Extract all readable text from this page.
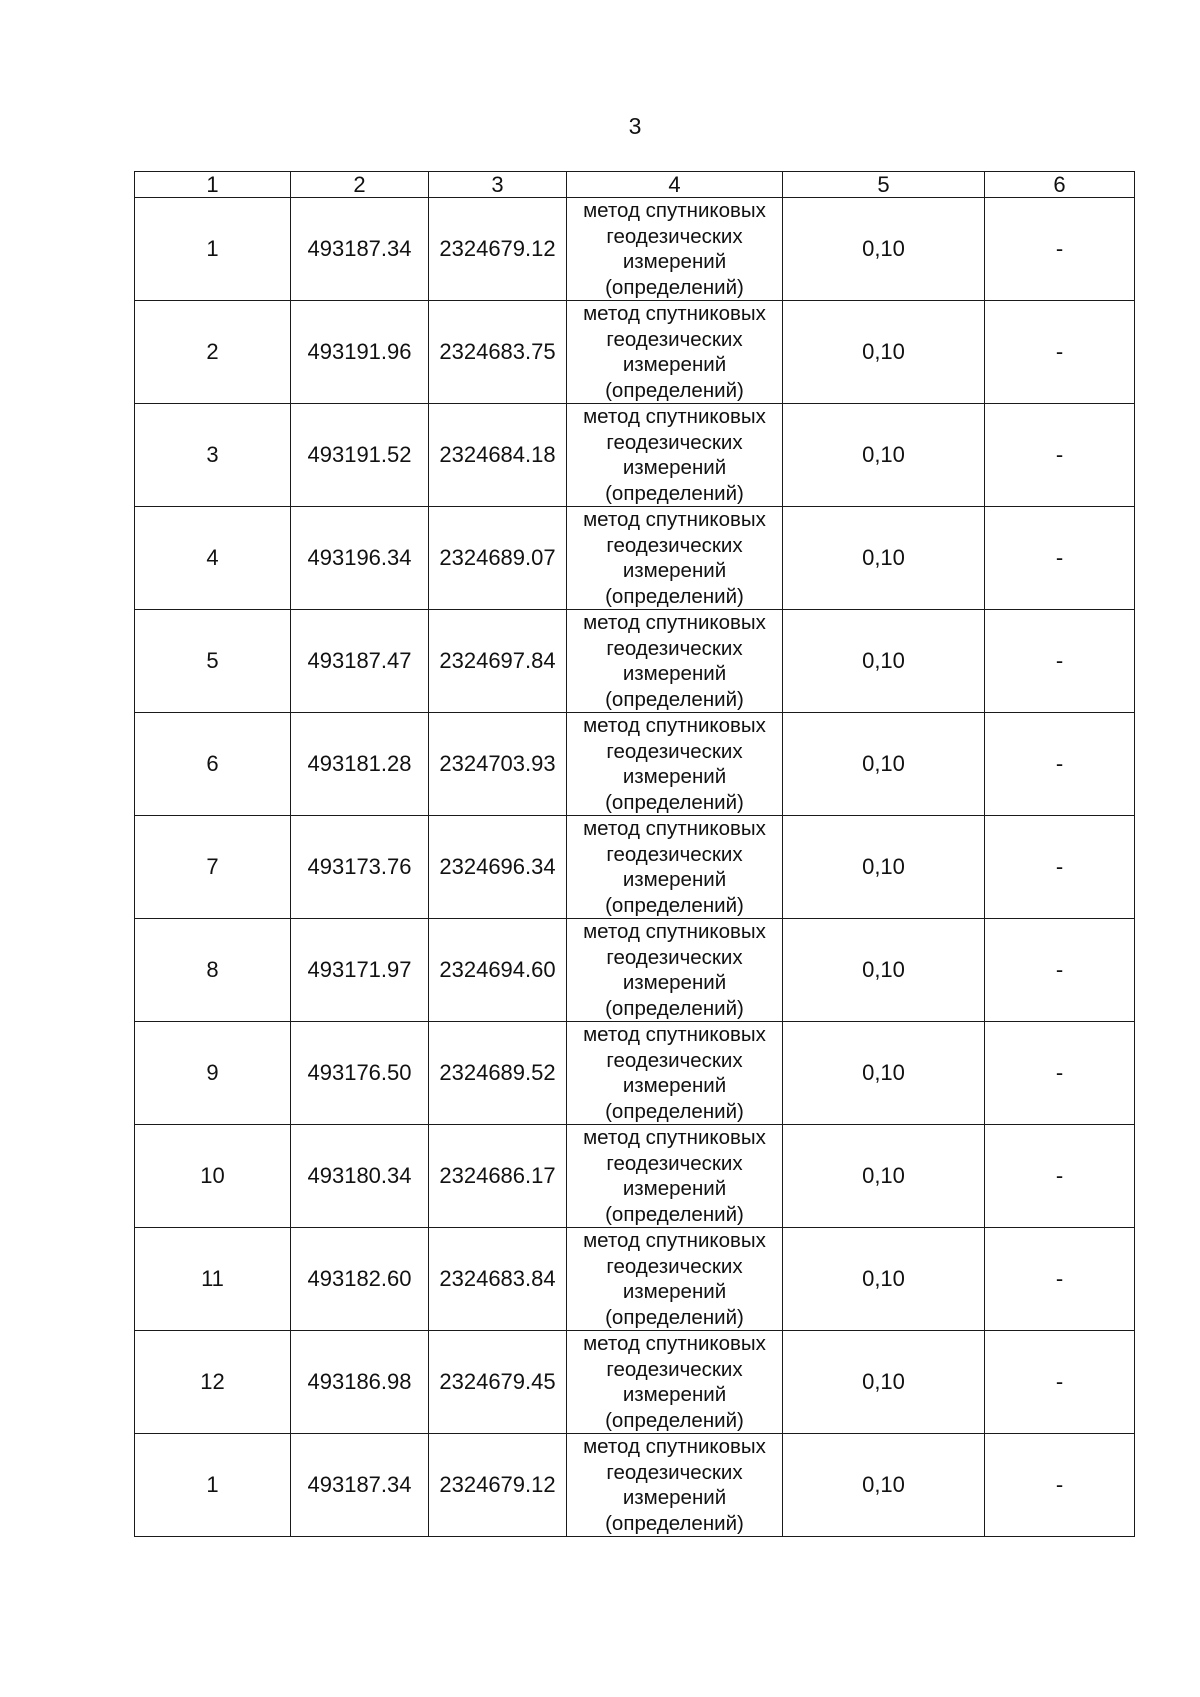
3
1	2	3	4	5	6
1	493187.34	2324679.12	метод спутниковых
геодезических
измерений
(определений)	0,10	-
2	493191.96	2324683.75	метод спутниковых
геодезических
измерений
(определений)	0,10	-
3	493191.52	2324684.18	метод спутниковых
геодезических
измерений
(определений)	0,10	-
4	493196.34	2324689.07	метод спутниковых
геодезических
измерений
(определений)	0,10	-
5	493187.47	2324697.84	метод спутниковых
геодезических
измерений
(определений)	0,10	-
6	493181.28	2324703.93	метод спутниковых
геодезических
измерений
(определений)	0,10	-
7	493173.76	2324696.34	метод спутниковых
геодезических
измерений
(определений)	0,10	-
8	493171.97	2324694.60	метод спутниковых
геодезических
измерений
(определений)	0,10	-
9	493176.50	2324689.52	метод спутниковых
геодезических
измерений
(определений)	0,10	-
10	493180.34	2324686.17	метод спутниковых
геодезических
измерений
(определений)	0,10	-
11	493182.60	2324683.84	метод спутниковых
геодезических
измерений
(определений)	0,10	-
12	493186.98	2324679.45	метод спутниковых
геодезических
измерений
(определений)	0,10	-
1	493187.34	2324679.12	метод спутниковых
геодезических
измерений
(определений)	0,10	-
